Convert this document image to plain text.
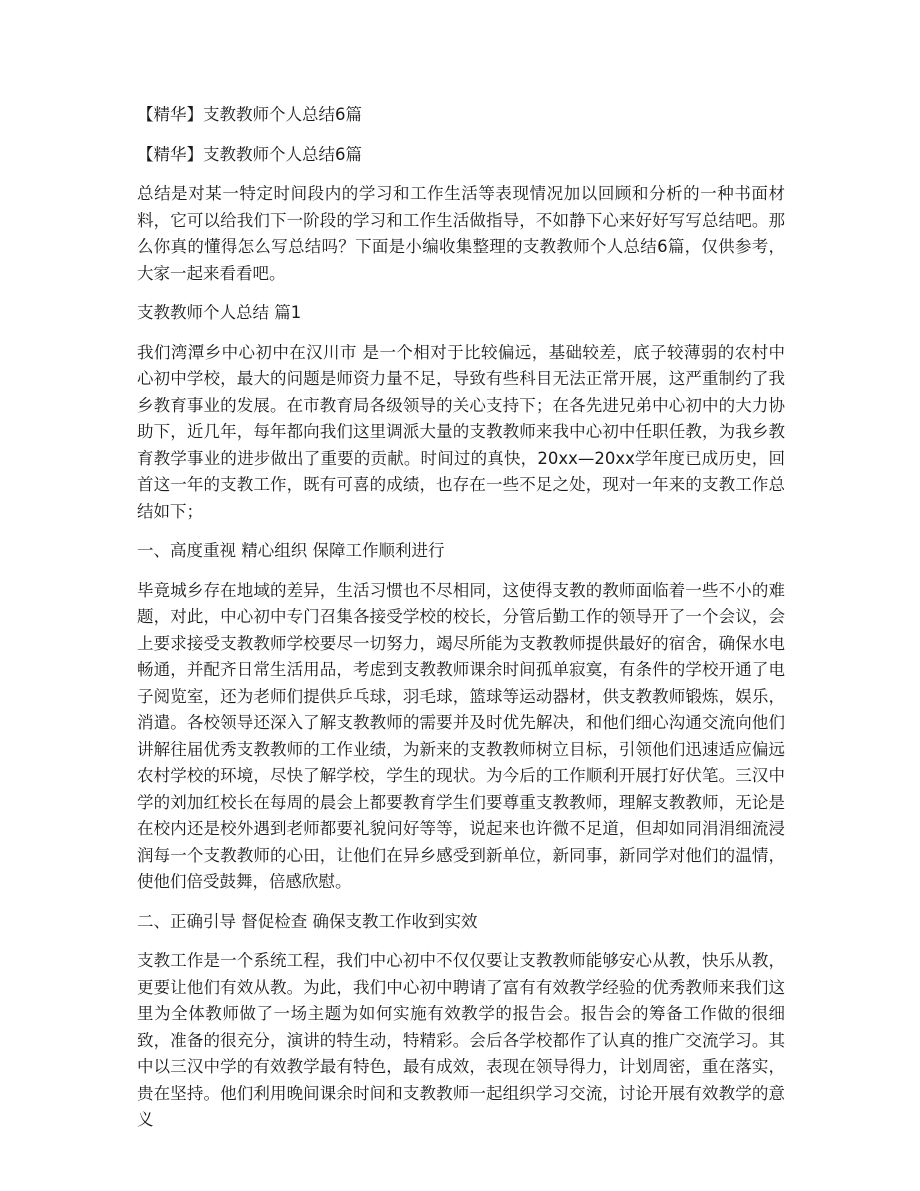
【精华】支教教师个人总结6篇

【精华】支教教师个人总结6篇

总结是对某一特定时间段内的学习和工作生活等表现情况加以回顾和分析的一种书面材料，它可以给我们下一阶段的学习和工作生活做指导，不如静下心来好好写写总结吧。那么你真的懂得怎么写总结吗？下面是小编收集整理的支教教师个人总结6篇，仅供参考，大家一起来看看吧。

支教教师个人总结 篇1

我们湾潭乡中心初中在汉川市 是一个相对于比较偏远，基础较差，底子较薄弱的农村中心初中学校，最大的问题是师资力量不足，导致有些科目无法正常开展，这严重制约了我乡教育事业的发展。在市教育局各级领导的关心支持下；在各先进兄弟中心初中的大力协助下，近几年，每年都向我们这里调派大量的支教教师来我中心初中任职任教，为我乡教育教学事业的进步做出了重要的贡献。时间过的真快，20xx—20xx学年度已成历史，回首这一年的支教工作，既有可喜的成绩，也存在一些不足之处，现对一年来的支教工作总结如下；

一、高度重视 精心组织 保障工作顺利进行

毕竟城乡存在地域的差异，生活习惯也不尽相同，这使得支教的教师面临着一些不小的难题，对此，中心初中专门召集各接受学校的校长，分管后勤工作的领导开了一个会议，会上要求接受支教教师学校要尽一切努力，竭尽所能为支教教师提供最好的宿舍，确保水电畅通，并配齐日常生活用品，考虑到支教教师课余时间孤单寂寞，有条件的学校开通了电子阅览室，还为老师们提供乒乓球，羽毛球，篮球等运动器材，供支教教师锻炼，娱乐，消遣。各校领导还深入了解支教教师的需要并及时优先解决，和他们细心沟通交流向他们讲解往届优秀支教教师的工作业绩，为新来的支教教师树立目标，引领他们迅速适应偏远农村学校的环境，尽快了解学校，学生的现状。为今后的工作顺利开展打好伏笔。三汉中学的刘加红校长在每周的晨会上都要教育学生们要尊重支教教师，理解支教教师，无论是在校内还是校外遇到老师都要礼貌问好等等，说起来也许微不足道，但却如同涓涓细流浸润每一个支教教师的心田，让他们在异乡感受到新单位，新同事，新同学对他们的温情，使他们倍受鼓舞，倍感欣慰。

二、正确引导 督促检查 确保支教工作收到实效

支教工作是一个系统工程，我们中心初中不仅仅要让支教教师能够安心从教，快乐从教，更要让他们有效从教。为此，我们中心初中聘请了富有有效教学经验的优秀教师来我们这里为全体教师做了一场主题为如何实施有效教学的报告会。报告会的筹备工作做的很细致，准备的很充分，演讲的特生动，特精彩。会后各学校都作了认真的推广交流学习。其中以三汉中学的有效教学最有特色，最有成效，表现在领导得力，计划周密，重在落实，贵在坚持。他们利用晚间课余时间和支教教师一起组织学习交流，讨论开展有效教学的意义
